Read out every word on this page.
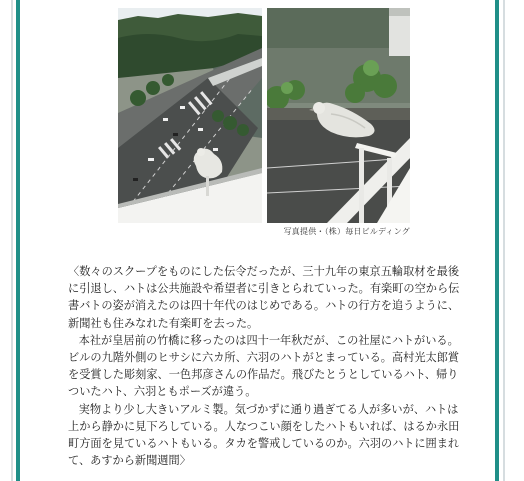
写真提供・（株）毎日ビルディング

〈数々のスクープをものにした伝令だったが、三十九年の東京五輪取材を最後

に引退し、ハトは公共施設や希望者に引きとられていった。有楽町の空から伝

書バトの姿が消えたのは四十年代のはじめである。ハトの行方を追うように、

新聞社も住みなれた有楽町を去った。

本社が皇居前の竹橋に移ったのは四十一年秋だが、この社屋にハトがいる。

ビルの九階外側のヒサシに六カ所、六羽のハトがとまっている。高村光太郎賞

を受賞した彫刻家、一色邦彦さんの作品だ。飛びたとうとしているハト、帰り

ついたハト、六羽ともポーズが違う。

実物より少し大きいアルミ製。気づかずに通り過ぎてる人が多いが、ハトは

上から静かに見下ろしている。人なつこい顔をしたハトもいれば、はるか永田

町方面を見ているハトもいる。タカを警戒しているのか。六羽のハトに囲まれ

て、あすから新聞週間〉
